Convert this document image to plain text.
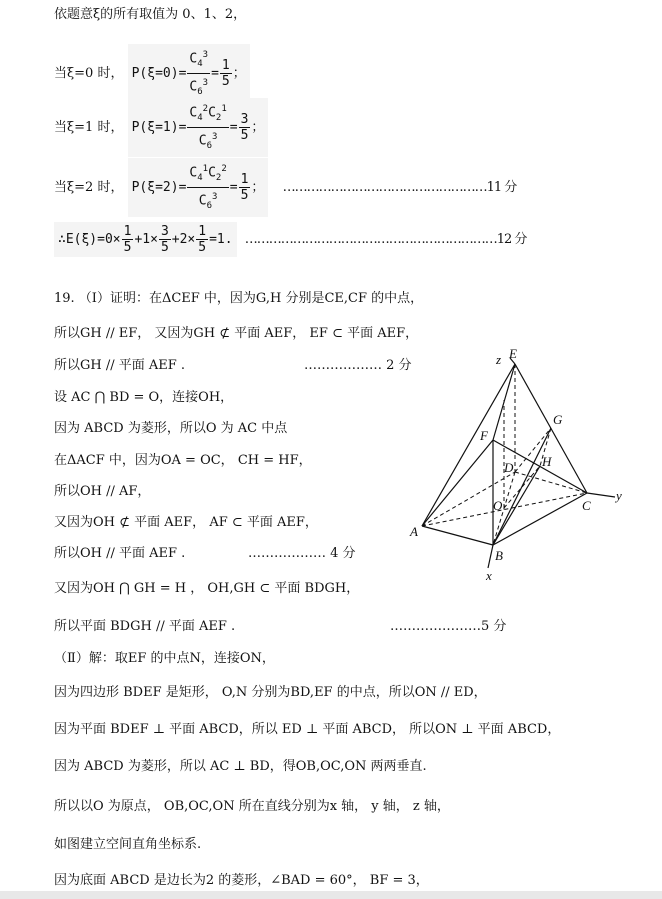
依题意ξ的所有取值为 0、1、2，
当ξ=0 时， $P(\xi=0)= \frac{C_4^3}{C_6^3} = \frac{1}{5}$ ；
当ξ=1 时， $P(\xi=1)= \frac{C_4^2C_2^1}{C_6^3} = \frac{3}{5}$ ；
当ξ=2 时， $P(\xi=2)= \frac{C_4^1C_2^2}{C_6^3} = \frac{1}{5}$ ； ……………………………………………11 分
∴E(ξ)=0× $\frac{1}{5} +1\times \frac{3}{5} +2\times \frac{1}{5} =1$. ………………………………………………………12 分
19. （Ⅰ）证明：在ΔCEF 中，因为G,H 分别是CE,CF 的中点，
所以GH // EF， 又因为GH ⊄ 平面 AEF， EF ⊂ 平面 AEF，
所以GH // 平面 AEF .	……………… 2 分
设 AC ⋂ BD = O，连接OH，
因为 ABCD 为菱形，所以O 为 AC 中点
在ΔACF 中，因为OA = OC， CH = HF，
所以OH // AF，
又因为OH ⊄ 平面 AEF， AF ⊂ 平面 AEF，
所以OH // 平面 AEF .	……………… 4 分
又因为OH ⋂ GH = H ， OH,GH ⊂ 平面 BDGH，
所以平面 BDGH // 平面 AEF .	…………………5 分
（Ⅱ）解：取EF 的中点N，连接ON，
因为四边形 BDEF 是矩形， O,N 分别为BD,EF 的中点，所以ON // ED，
因为平面 BDEF ⊥ 平面 ABCD，所以 ED ⊥ 平面 ABCD， 所以ON ⊥ 平面 ABCD，
因为 ABCD 为菱形，所以 AC ⊥ BD，得OB,OC,ON 两两垂直.
所以以O 为原点， OB,OC,ON 所在直线分别为x 轴， y 轴， z 轴，
如图建立空间直角坐标系.
因为底面 ABCD 是边长为2 的菱形，∠BAD = 60°， BF = 3，
z E
G
F
D H
O	C
y
A
B
x
